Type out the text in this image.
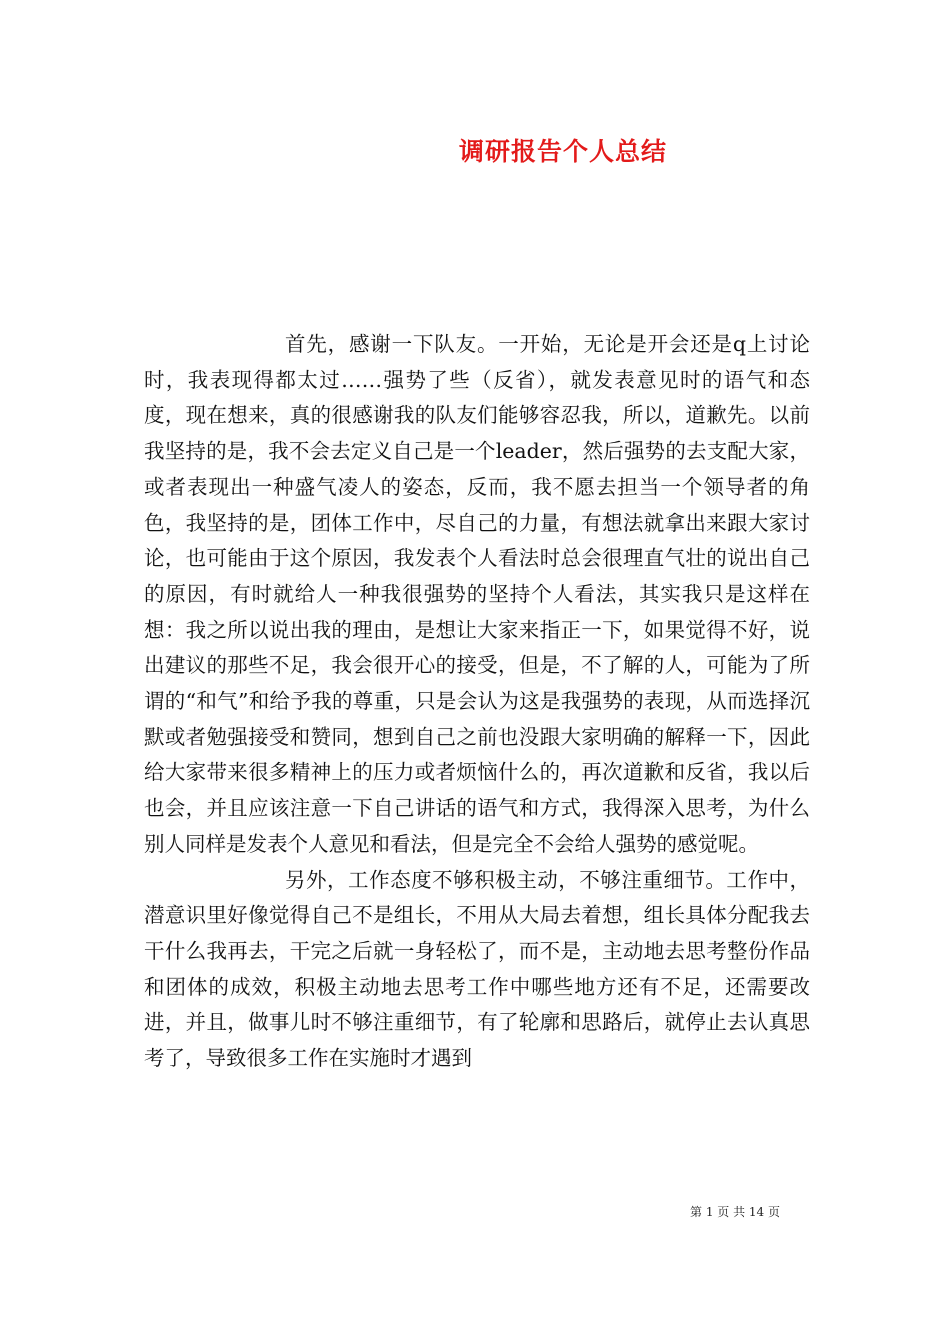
调研报告个人总结

首先，感谢一下队友。一开始，无论是开会还是q上讨论时，我表现得都太过……强势了些（反省），就发表意见时的语气和态度，现在想来，真的很感谢我的队友们能够容忍我，所以，道歉先。以前我坚持的是，我不会去定义自己是一个leader，然后强势的去支配大家，或者表现出一种盛气凌人的姿态，反而，我不愿去担当一个领导者的角色，我坚持的是，团体工作中，尽自己的力量，有想法就拿出来跟大家讨论，也可能由于这个原因，我发表个人看法时总会很理直气壮的说出自己的原因，有时就给人一种我很强势的坚持个人看法，其实我只是这样在想：我之所以说出我的理由，是想让大家来指正一下，如果觉得不好，说出建议的那些不足，我会很开心的接受，但是，不了解的人，可能为了所谓的“和气”和给予我的尊重，只是会认为这是我强势的表现，从而选择沉默或者勉强接受和赞同，想到自己之前也没跟大家明确的解释一下，因此给大家带来很多精神上的压力或者烦恼什么的，再次道歉和反省，我以后也会，并且应该注意一下自己讲话的语气和方式，我得深入思考，为什么别人同样是发表个人意见和看法，但是完全不会给人强势的感觉呢。

另外，工作态度不够积极主动，不够注重细节。工作中，潜意识里好像觉得自己不是组长，不用从大局去着想，组长具体分配我去干什么我再去，干完之后就一身轻松了，而不是，主动地去思考整份作品和团体的成效，积极主动地去思考工作中哪些地方还有不足，还需要改进，并且，做事儿时不够注重细节，有了轮廓和思路后，就停止去认真思考了，导致很多工作在实施时才遇到

第 1 页 共 14 页
